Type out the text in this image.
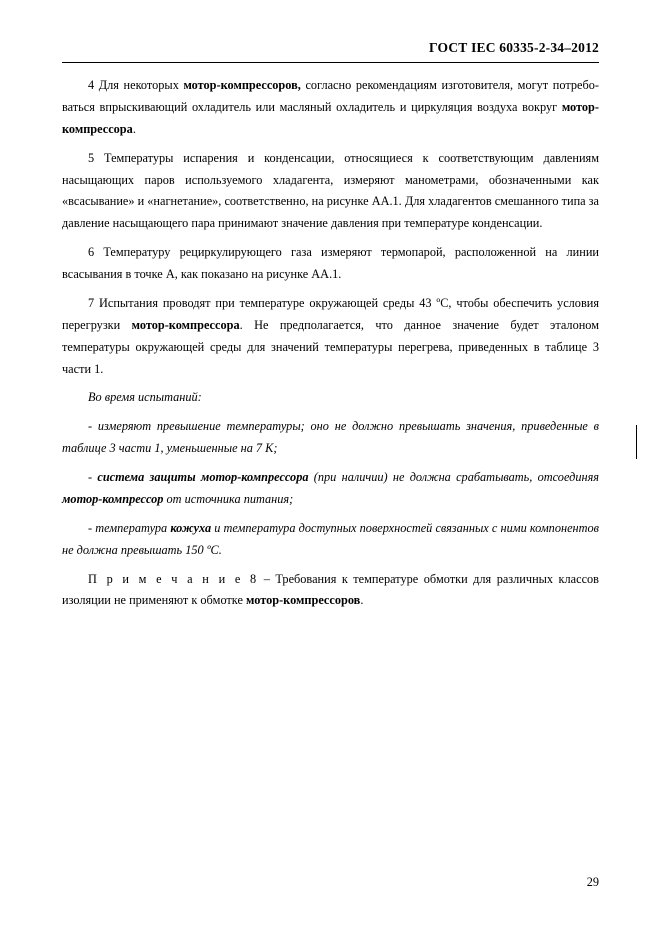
ГОСТ IEC 60335-2-34–2012

4 Для некоторых мотор-компрессоров, согласно рекомендациям изготовителя, могут потребо-ваться впрыскивающий охладитель или масляный охладитель и циркуляция воздуха вокруг мотор-компрессора.

5 Температуры испарения и конденсации, относящиеся к соответствующим давлениям насыщающих паров используемого хладагента, измеряют манометрами, обозначенными как «всасывание» и «нагнетание», соответственно, на рисунке АА.1. Для хладагентов смешанного типа за давление насыщающего пара принимают значение давления при температуре конденсации.

6 Температуру рециркулирующего газа измеряют термопарой, расположенной на линии всасывания в точке А, как показано на рисунке АА.1.

7 Испытания проводят при температуре окружающей среды 43 ºС, чтобы обеспечить условия перегрузки мотор-компрессора. Не предполагается, что данное значение будет эталоном температуры окружающей среды для значений температуры перегрева, приведенных в таблице 3 части 1.

Во время испытаний:

- измеряют превышение температуры; оно не должно превышать значения, приведенные в таблице 3 части 1, уменьшенные на 7 К;

- система защиты мотор-компрессора (при наличии) не должна срабатывать, отсоединяя мотор-компрессор от источника питания;

- температура кожуха и температура доступных поверхностей связанных с ними компонентов не должна превышать 150 ºС.

П р и м е ч а н и е 8 – Требования к температуре обмотки для различных классов изоляции не применяют к обмотке мотор-компрессоров.

29
